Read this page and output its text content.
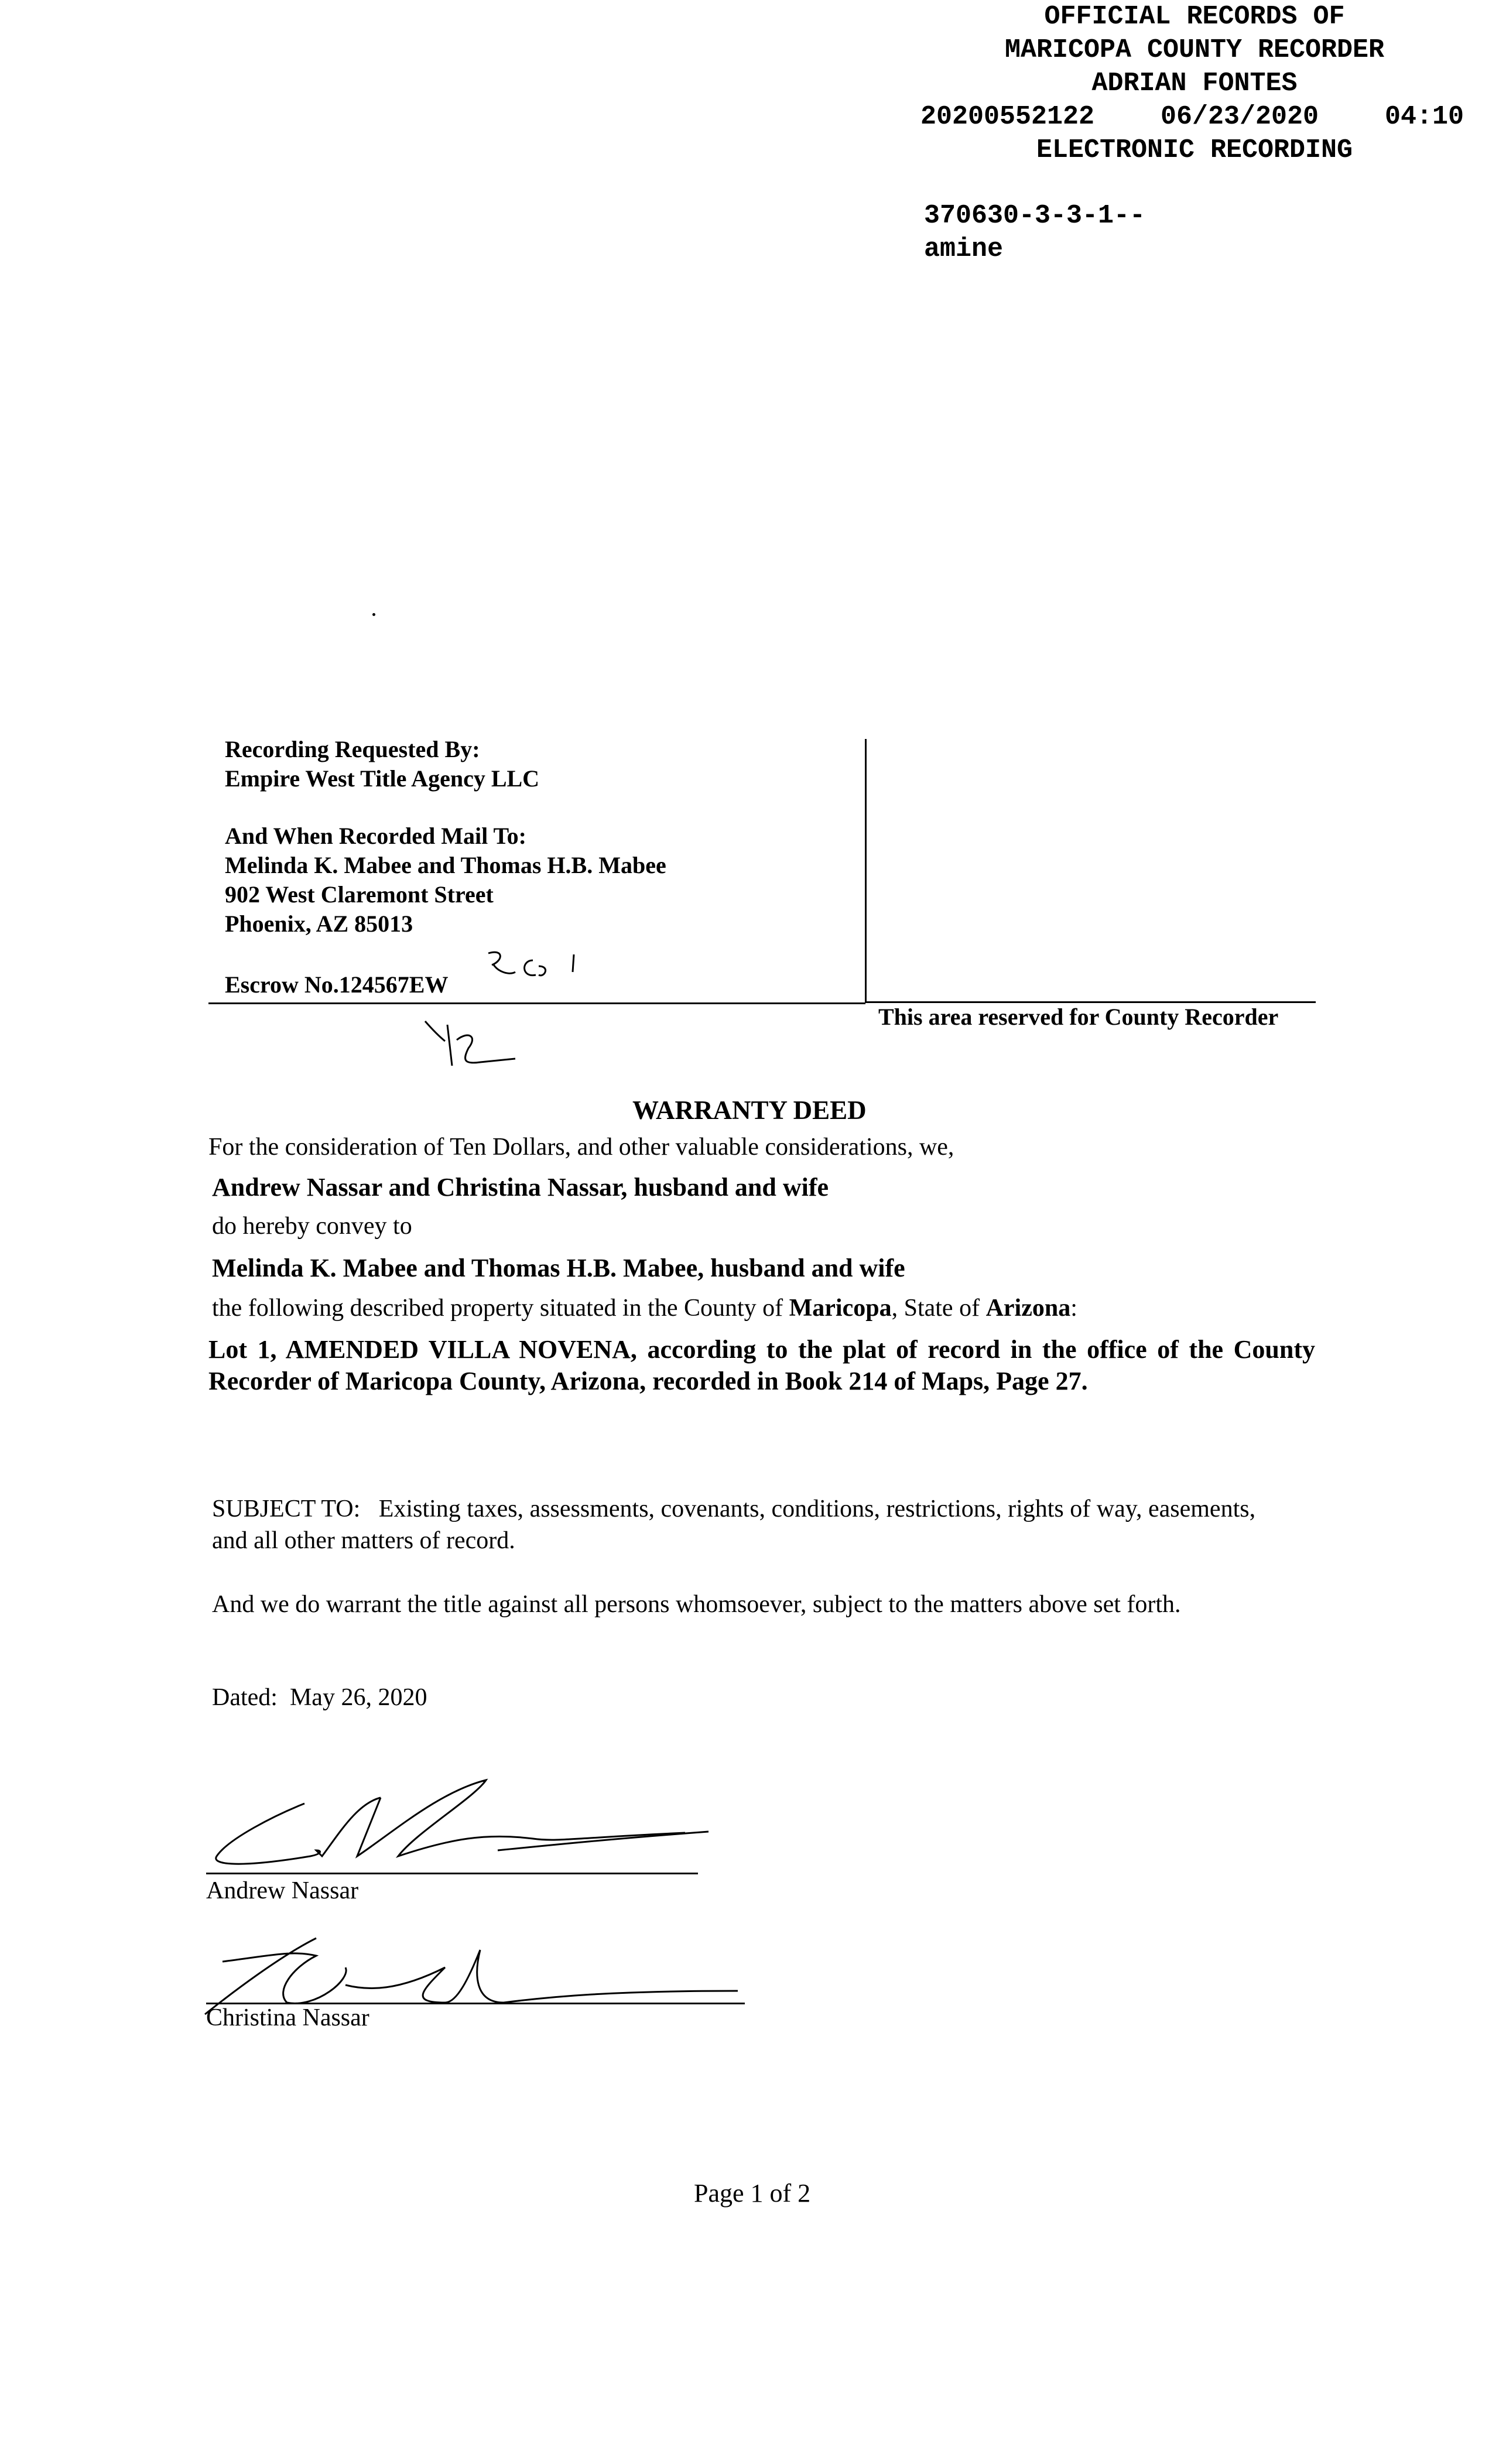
OFFICIAL RECORDS OF
MARICOPA COUNTY RECORDER
ADRIAN FONTES
20200552122	06/23/2020	04:10
ELECTRONIC RECORDING
370630-3-3-1--
amine
Recording Requested By:
Empire West Title Agency LLC
And When Recorded Mail To:
Melinda K. Mabee and Thomas H.B. Mabee
902 West Claremont Street
Phoenix, AZ 85013
Escrow No.124567EW
This area reserved for County Recorder
WARRANTY DEED
For the consideration of Ten Dollars, and other valuable considerations, we,
Andrew Nassar and Christina Nassar, husband and wife
do hereby convey to
Melinda K. Mabee and Thomas H.B. Mabee, husband and wife
the following described property situated in the County of Maricopa, State of Arizona:
Lot 1, AMENDED VILLA NOVENA, according to the plat of record in the office of the County Recorder of Maricopa County, Arizona, recorded in Book 214 of Maps, Page 27.
SUBJECT TO:   Existing taxes, assessments, covenants, conditions, restrictions, rights of way, easements, and all other matters of record.
And we do warrant the title against all persons whomsoever, subject to the matters above set forth.
Dated:  May 26, 2020
Andrew Nassar
Christina Nassar
Page 1 of 2
